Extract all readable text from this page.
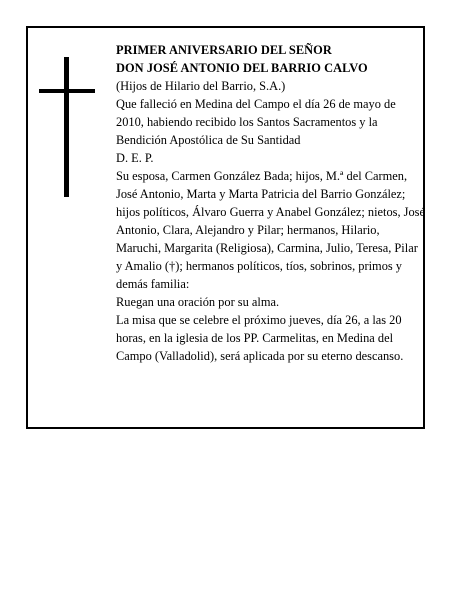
PRIMER ANIVERSARIO DEL SEÑOR

DON JOSÉ ANTONIO DEL BARRIO CALVO

(Hijos de Hilario del Barrio, S.A.)

Que falleció en Medina del Campo el día 26 de mayo de 2010, habiendo recibido los Santos Sacramentos y la Bendición Apostólica de Su Santidad

D. E. P.

Su esposa, Carmen González Bada; hijos, M.ª del Carmen, José Antonio, Marta y Marta Patricia del Barrio González; hijos políticos, Álvaro Guerra y Anabel González; nietos, José Antonio, Clara, Alejandro y Pilar; hermanos, Hilario, Maruchi, Margarita (Religiosa), Carmina, Julio, Teresa, Pilar y Amalio (†); hermanos políticos, tíos, sobrinos, primos y demás familia:

Ruegan una oración por su alma.

La misa que se celebre el próximo jueves, día 26, a las 20 horas, en la iglesia de los PP. Carmelitas, en Medina del Campo (Valladolid), será aplicada por su eterno descanso.
